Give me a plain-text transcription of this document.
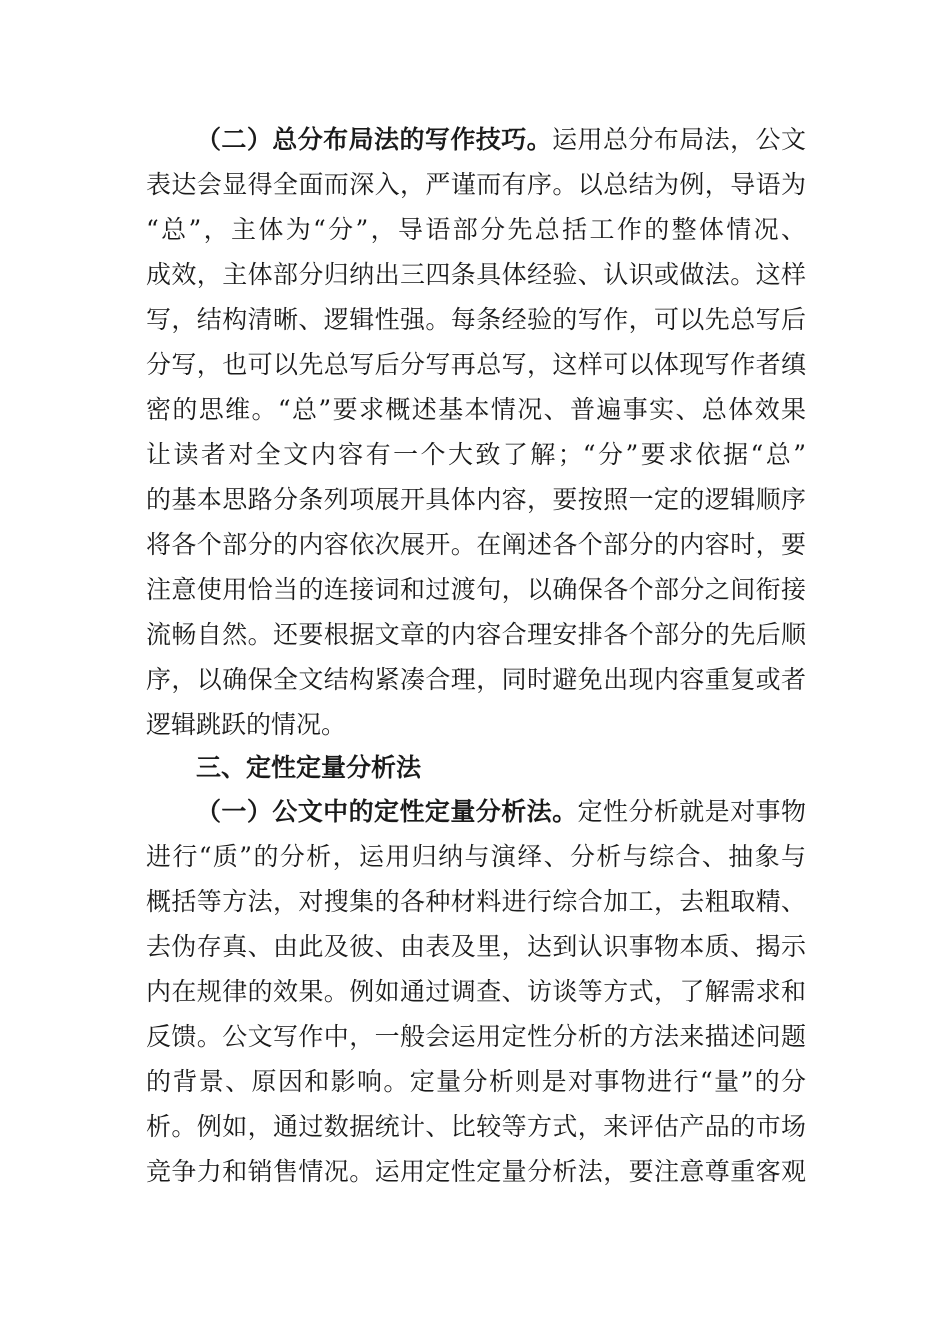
（二）总分布局法的写作技巧。运用总分布局法，公文
表达会显得全面而深入，严谨而有序。以总结为例，导语为
“总”，主体为“分”，导语部分先总括工作的整体情况、
成效，主体部分归纳出三四条具体经验、认识或做法。这样
写，结构清晰、逻辑性强。每条经验的写作，可以先总写后
分写，也可以先总写后分写再总写，这样可以体现写作者缜
密的思维。“总”要求概述基本情况、普遍事实、总体效果
让读者对全文内容有一个大致了解；“分”要求依据“总”
的基本思路分条列项展开具体内容，要按照一定的逻辑顺序
将各个部分的内容依次展开。在阐述各个部分的内容时，要
注意使用恰当的连接词和过渡句，以确保各个部分之间衔接
流畅自然。还要根据文章的内容合理安排各个部分的先后顺
序，以确保全文结构紧凑合理，同时避免出现内容重复或者
逻辑跳跃的情况。
三、定性定量分析法
（一）公文中的定性定量分析法。定性分析就是对事物
进行“质”的分析，运用归纳与演绎、分析与综合、抽象与
概括等方法，对搜集的各种材料进行综合加工，去粗取精、
去伪存真、由此及彼、由表及里，达到认识事物本质、揭示
内在规律的效果。例如通过调查、访谈等方式，了解需求和
反馈。公文写作中，一般会运用定性分析的方法来描述问题
的背景、原因和影响。定量分析则是对事物进行“量”的分
析。例如，通过数据统计、比较等方式，来评估产品的市场
竞争力和销售情况。运用定性定量分析法，要注意尊重客观
